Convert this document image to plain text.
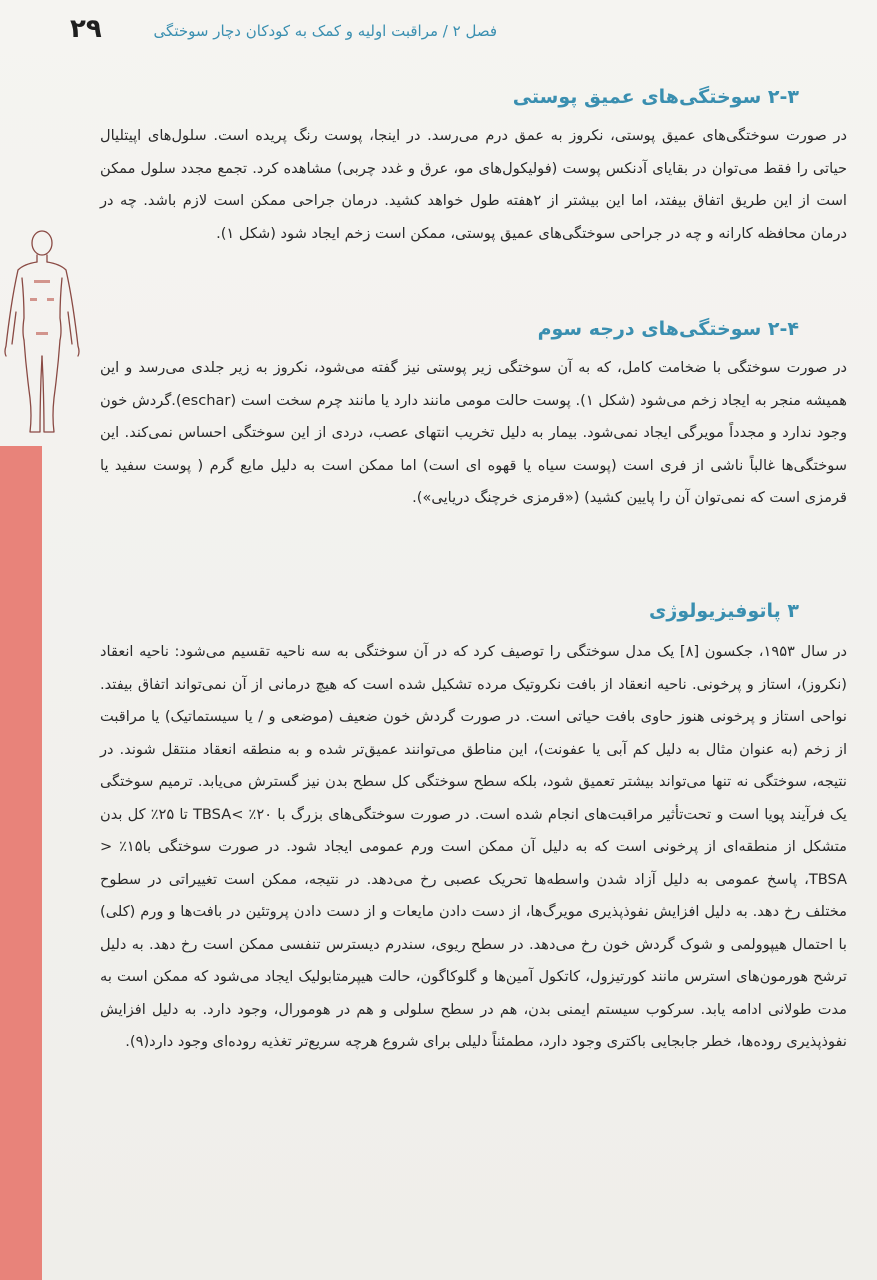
۲۹	فصل ۲ / مراقبت اولیه و کمک به کودکان دچار سوختگی
۲-۳ سوختگی‌های عمیق پوستی

در صورت سوختگی‌های عمیق پوستی، نکروز به عمق درم می‌رسد. در اینجا، پوست رنگ پریده است. سلول‌های اپیتلیال حیاتی را فقط می‌توان در بقایای آدنکس پوست (فولیکول‌های مو، عرق و غدد چربی) مشاهده کرد. تجمع مجدد سلول ممکن است از این طریق اتفاق بیفتد، اما این بیشتر از ۲هفته طول خواهد کشید. درمان جراحی ممکن است لازم باشد. چه در درمان محافظه کارانه و چه در جراحی سوختگی‌های عمیق پوستی، ممکن است زخم ایجاد شود (شکل ۱).

۲-۴ سوختگی‌های درجه سوم

در صورت سوختگی با ضخامت کامل، که به آن سوختگی زیر پوستی نیز گفته می‌شود، نکروز به زیر جلدی می‌رسد و این همیشه منجر به ایجاد زخم می‌شود (شکل ۱). پوست حالت مومی مانند دارد یا مانند چرم سخت است (eschar).گردش خون وجود ندارد و مجدداً مویرگی ایجاد نمی‌شود. بیمار به دلیل تخریب انتهای عصب، دردی از این سوختگی احساس نمی‌کند. این سوختگی‌ها غالباً ناشی از فری است (پوست سیاه یا قهوه ای است) اما ممکن است به دلیل مایع گرم ( پوست سفید یا قرمزی است که نمی‌توان آن را پایین کشید) («قرمزی خرچنگ دریایی»).

۳ پاتوفیزیولوژی

در سال ۱۹۵۳، جکسون [۸] یک مدل سوختگی را توصیف کرد که در آن سوختگی به سه ناحیه تقسیم می‌شود: ناحیه انعقاد (نکروز)، استاز و پرخونی. ناحیه انعقاد از بافت نکروتیک مرده تشکیل شده است که هیچ درمانی از آن نمی‌تواند اتفاق بیفتد. نواحی استاز و پرخونی هنوز حاوی بافت حیاتی است. در صورت گردش خون ضعیف (موضعی و / یا سیستماتیک) یا مراقبت از زخم (به عنوان مثال به دلیل کم آبی یا عفونت)، این مناطق می‌توانند عمیق‌تر شده و به منطقه انعقاد منتقل شوند. در نتیجه، سوختگی نه تنها می‌تواند بیشتر تعمیق شود، بلکه سطح سوختگی کل سطح بدن نیز گسترش می‌یابد. ترمیم سوختگی یک فرآیند پویا است و تحت‌تأثیر مراقبت‌های انجام شده است. در صورت سوختگی‌های بزرگ با ۲۰٪ >TBSA تا ۲۵٪ کل بدن متشکل از منطقه‌ای از پرخونی است که به دلیل آن ممکن است ورم عمومی ایجاد شود. در صورت سوختگی با۱۵٪ < TBSA، پاسخ عمومی به دلیل آزاد شدن واسطه‌ها تحریک عصبی رخ می‌دهد. در نتیجه، ممکن است تغییراتی در سطوح مختلف رخ دهد. به دلیل افزایش نفوذپذیری مویرگ‌ها، از دست دادن مایعات و از دست دادن پروتئین در بافت‌ها و ورم (کلی) با احتمال هیپوولمی و شوک گردش خون رخ می‌دهد. در سطح ریوی، سندرم دیسترس تنفسی ممکن است رخ دهد. به دلیل ترشح هورمون‌های استرس مانند کورتیزول، کاتکول آمین‌ها و گلوکاگون، حالت هیپرمتابولیک ایجاد می‌شود که ممکن است به مدت طولانی ادامه یابد. سرکوب سیستم ایمنی بدن، هم در سطح سلولی و هم در هومورال، وجود دارد. به دلیل افزایش نفوذپذیری روده‌ها، خطر جابجایی باکتری وجود دارد، مطمئناً دلیلی برای شروع هرچه سریع‌تر تغذیه روده‌ای وجود دارد(۹).
